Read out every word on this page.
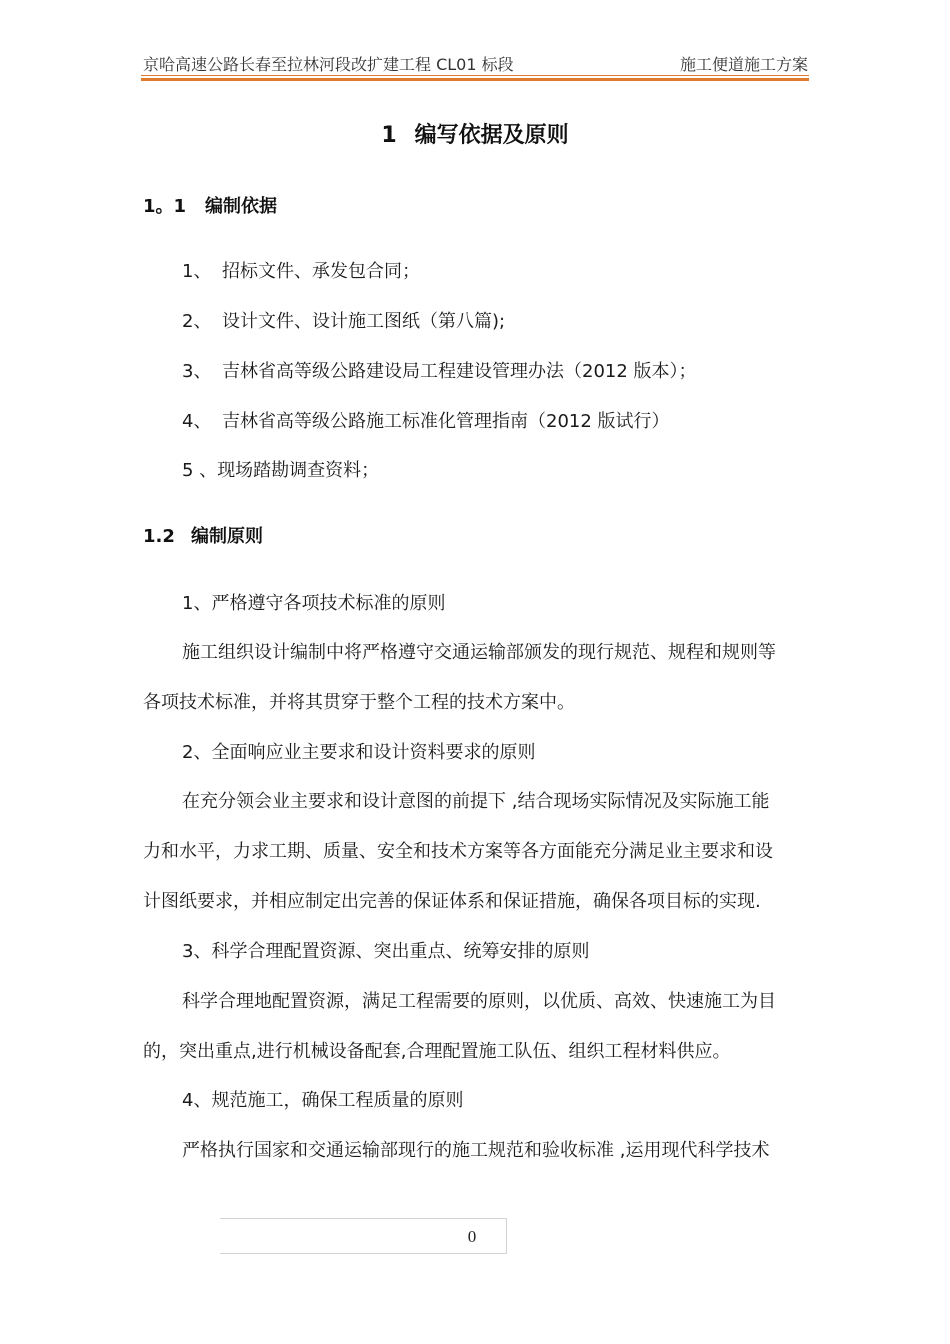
京哈高速公路长春至拉林河段改扩建工程 CL01 标段	施工便道施工方案
1 编写依据及原则
1。1 编制依据
1、 招标文件、承发包合同；
2、 设计文件、设计施工图纸（第八篇);
3、 吉林省高等级公路建设局工程建设管理办法（2012 版本）；
4、 吉林省高等级公路施工标准化管理指南（2012 版试行）
5 、现场踏勘调查资料；
1.2 编制原则
1、严格遵守各项技术标准的原则
施工组织设计编制中将严格遵守交通运输部颁发的现行规范、规程和规则等
各项技术标准，并将其贯穿于整个工程的技术方案中。
2、全面响应业主要求和设计资料要求的原则
在充分领会业主要求和设计意图的前提下 ,结合现场实际情况及实际施工能
力和水平，力求工期、质量、安全和技术方案等各方面能充分满足业主要求和设
计图纸要求，并相应制定出完善的保证体系和保证措施，确保各项目标的实现.
3、科学合理配置资源、突出重点、统筹安排的原则
科学合理地配置资源，满足工程需要的原则，以优质、高效、快速施工为目
的，突出重点,进行机械设备配套,合理配置施工队伍、组织工程材料供应。
4、规范施工，确保工程质量的原则
严格执行国家和交通运输部现行的施工规范和验收标准 ,运用现代科学技术
0
